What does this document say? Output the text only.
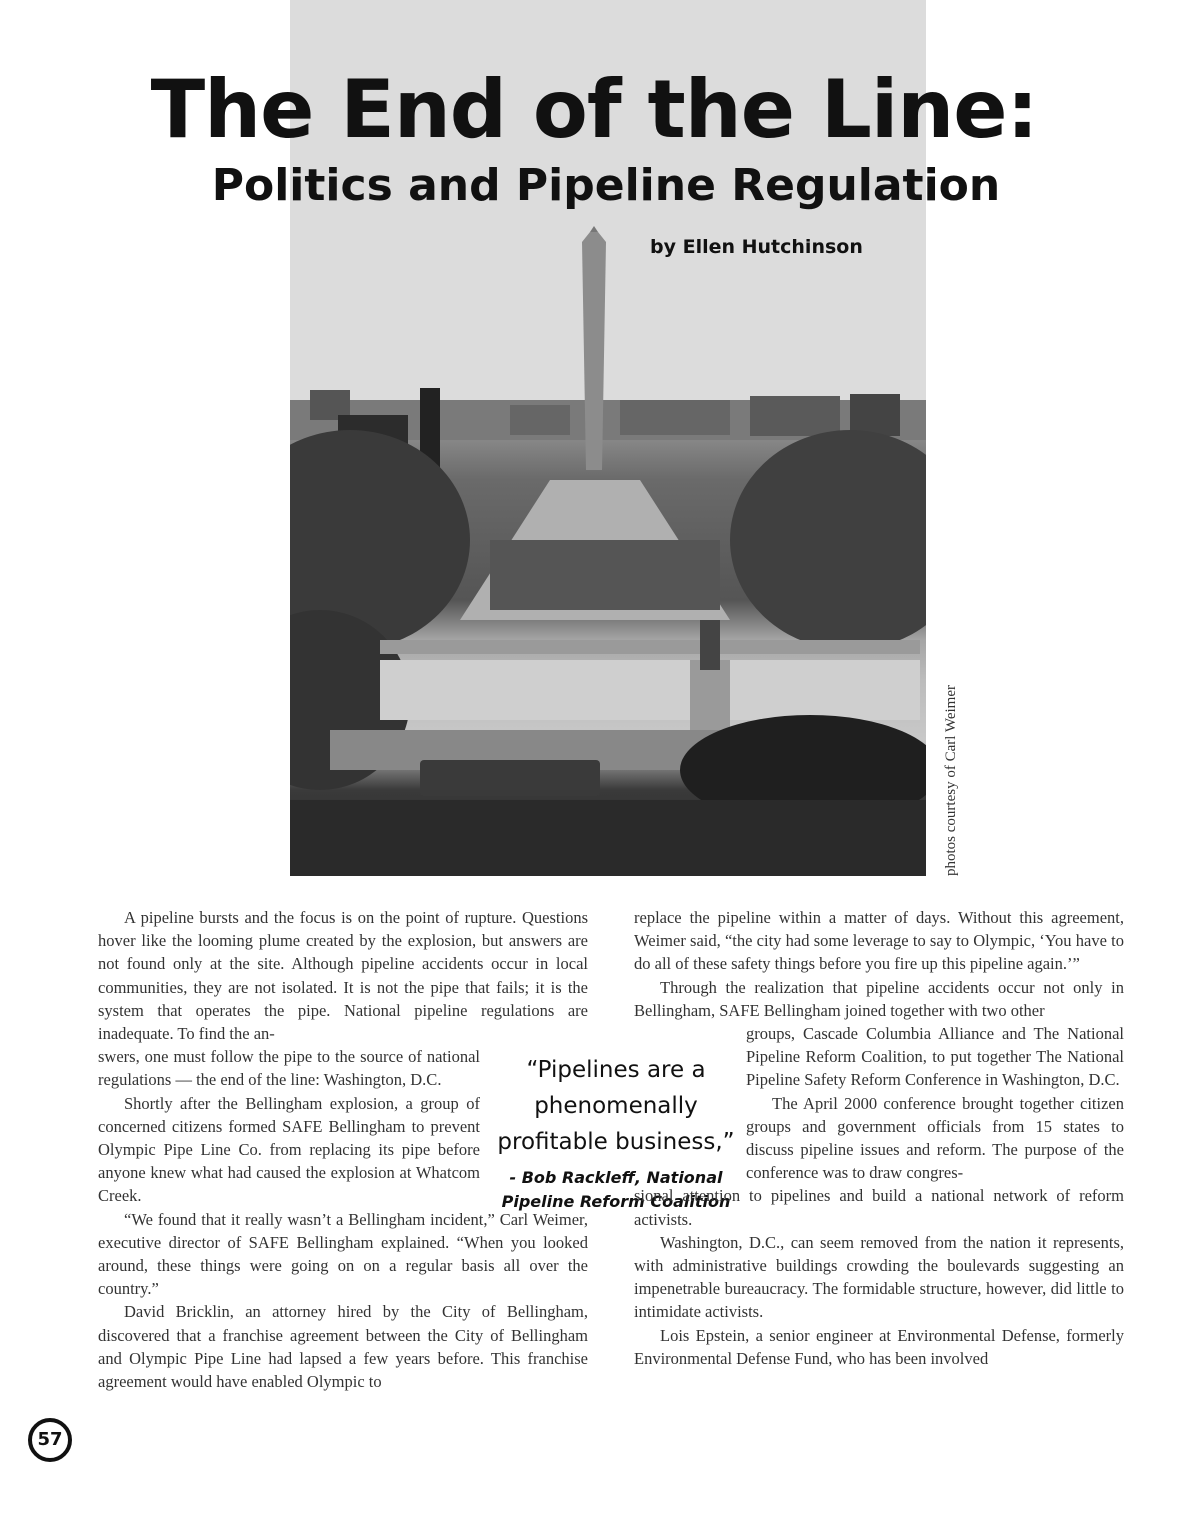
The End of the Line:
Politics and Pipeline Regulation

by Ellen Hutchinson

photos courtesy of Carl Weimer

A pipeline bursts and the focus is on the point of rupture. Questions hover like the looming plume created by the explosion, but answers are not found only at the site. Although pipeline accidents occur in local communities, they are not isolated. It is not the pipe that fails; it is the system that operates the pipe. National pipeline regulations are inadequate. To find the an-

swers, one must follow the pipe to the source of national regulations — the end of the line: Washington, D.C.

Shortly after the Bellingham explosion, a group of concerned citizens formed SAFE Bellingham to prevent Olympic Pipe Line Co. from replacing its pipe before anyone knew what had caused the explosion at Whatcom Creek.

“We found that it really wasn’t a Bellingham incident,” Carl Weimer, executive director of SAFE Bellingham explained. “When you looked around, these things were going on on a regular basis all over the country.”

David Bricklin, an attorney hired by the City of Bellingham, discovered that a franchise agreement between the City of Bellingham and Olympic Pipe Line had lapsed a few years before. This franchise agreement would have enabled Olympic to

“Pipelines are a

phenomenally

profitable business,”

- Bob Rackleff, National
Pipeline Reform Coalition

replace the pipeline within a matter of days. Without this agreement, Weimer said, “the city had some leverage to say to Olympic, ‘You have to do all of these safety things before you fire up this pipeline again.’”

Through the realization that pipeline accidents occur not only in Bellingham, SAFE Bellingham joined together with two other

groups, Cascade Columbia Alliance and The National Pipeline Reform Coalition, to put together The National Pipeline Safety Reform Conference in Washington, D.C.

The April 2000 conference brought together citizen groups and government officials from 15 states to discuss pipeline issues and reform. The purpose of the conference was to draw congres-

sional attention to pipelines and build a national network of reform activists.

Washington, D.C., can seem removed from the nation it represents, with administrative buildings crowding the boulevards suggesting an impenetrable bureaucracy. The formidable structure, however, did little to intimidate activists.

Lois Epstein, a senior engineer at Environmental Defense, formerly Environmental Defense Fund, who has been involved

57
